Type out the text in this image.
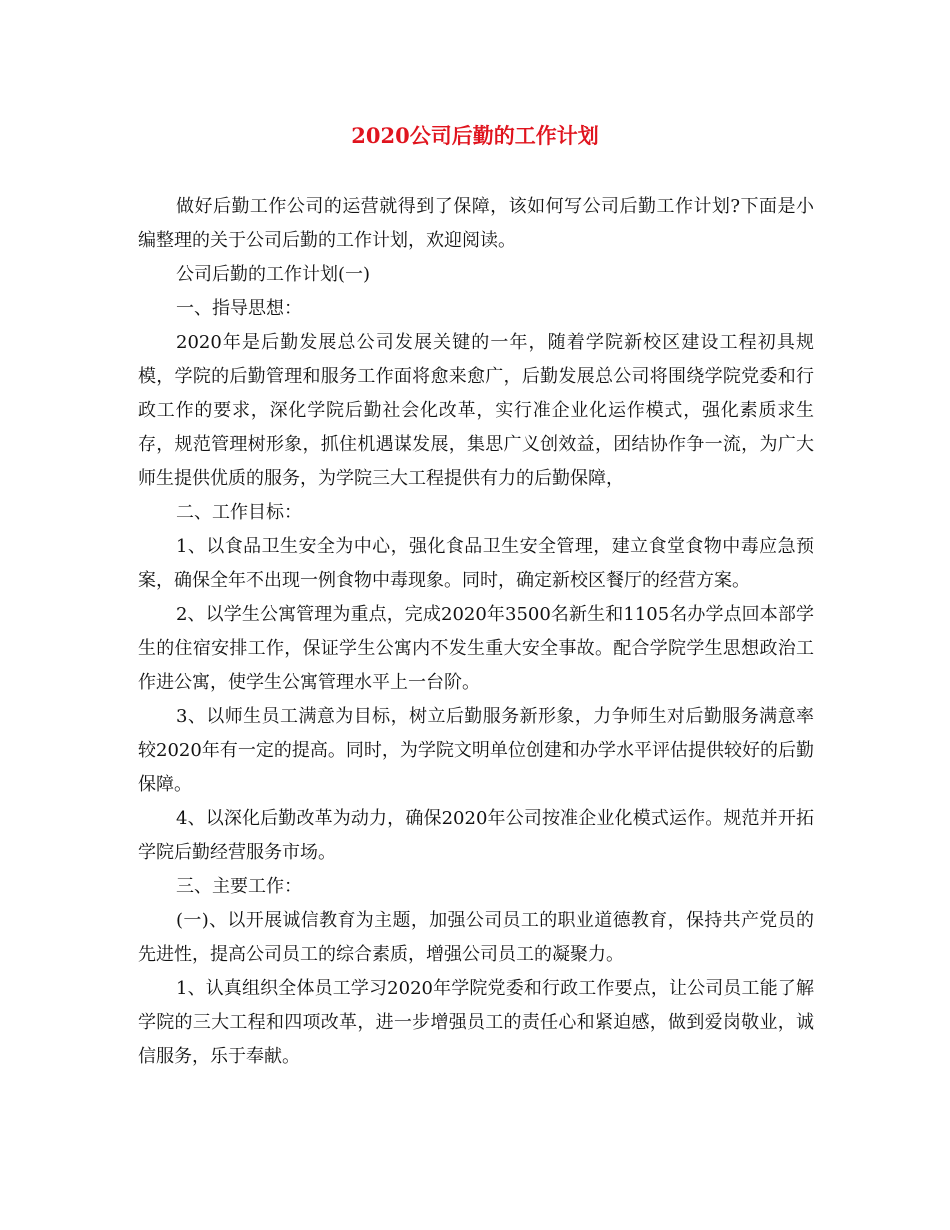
2020公司后勤的工作计划

做好后勤工作公司的运营就得到了保障，该如何写公司后勤工作计划?下面是小编整理的关于公司后勤的工作计划，欢迎阅读。

公司后勤的工作计划(一)

一、指导思想：

2020年是后勤发展总公司发展关键的一年，随着学院新校区建设工程初具规模，学院的后勤管理和服务工作面将愈来愈广，后勤发展总公司将围绕学院党委和行政工作的要求，深化学院后勤社会化改革，实行准企业化运作模式，强化素质求生存，规范管理树形象，抓住机遇谋发展，集思广义创效益，团结协作争一流，为广大师生提供优质的服务，为学院三大工程提供有力的后勤保障，

二、工作目标：

1、以食品卫生安全为中心，强化食品卫生安全管理，建立食堂食物中毒应急预案，确保全年不出现一例食物中毒现象。同时，确定新校区餐厅的经营方案。

2、以学生公寓管理为重点，完成2020年3500名新生和1105名办学点回本部学生的住宿安排工作，保证学生公寓内不发生重大安全事故。配合学院学生思想政治工作进公寓，使学生公寓管理水平上一台阶。

3、以师生员工满意为目标，树立后勤服务新形象，力争师生对后勤服务满意率较2020年有一定的提高。同时，为学院文明单位创建和办学水平评估提供较好的后勤保障。

4、以深化后勤改革为动力，确保2020年公司按准企业化模式运作。规范并开拓学院后勤经营服务市场。

三、主要工作：

(一)、以开展诚信教育为主题，加强公司员工的职业道德教育，保持共产党员的先进性，提高公司员工的综合素质，增强公司员工的凝聚力。

1、认真组织全体员工学习2020年学院党委和行政工作要点，让公司员工能了解学院的三大工程和四项改革，进一步增强员工的责任心和紧迫感，做到爱岗敬业，诚信服务，乐于奉献。
